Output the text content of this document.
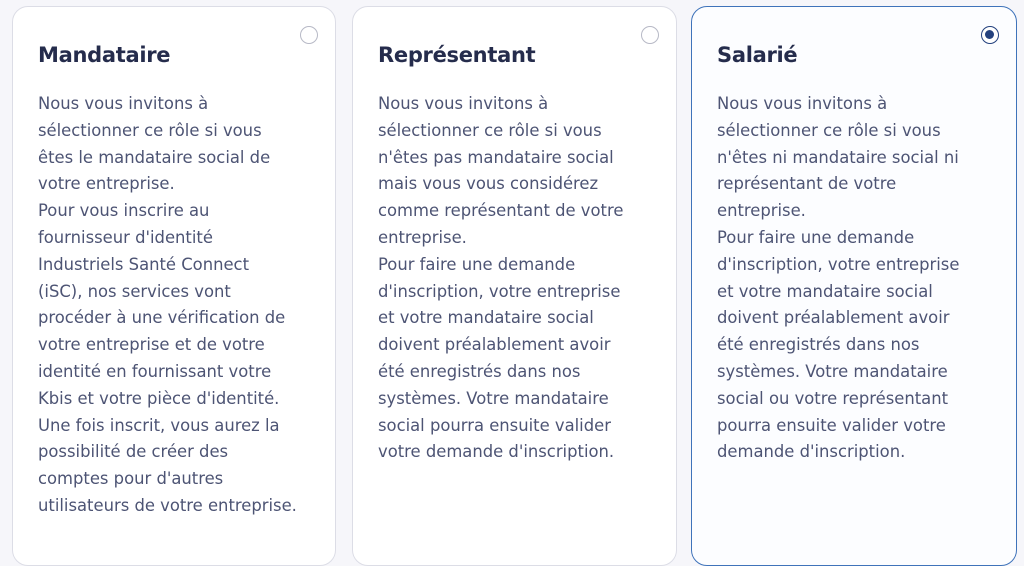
Mandataire

Nous vous invitons à
sélectionner ce rôle si vous
êtes le mandataire social de
votre entreprise.
Pour vous inscrire au
fournisseur d'identité
Industriels Santé Connect
(iSC), nos services vont
procéder à une vérification de
votre entreprise et de votre
identité en fournissant votre
Kbis et votre pièce d'identité.
Une fois inscrit, vous aurez la
possibilité de créer des
comptes pour d'autres
utilisateurs de votre entreprise.

Représentant

Nous vous invitons à
sélectionner ce rôle si vous
n'êtes pas mandataire social
mais vous vous considérez
comme représentant de votre
entreprise.
Pour faire une demande
d'inscription, votre entreprise
et votre mandataire social
doivent préalablement avoir
été enregistrés dans nos
systèmes. Votre mandataire
social pourra ensuite valider
votre demande d'inscription.

Salarié

Nous vous invitons à
sélectionner ce rôle si vous
n'êtes ni mandataire social ni
représentant de votre
entreprise.
Pour faire une demande
d'inscription, votre entreprise
et votre mandataire social
doivent préalablement avoir
été enregistrés dans nos
systèmes. Votre mandataire
social ou votre représentant
pourra ensuite valider votre
demande d'inscription.
